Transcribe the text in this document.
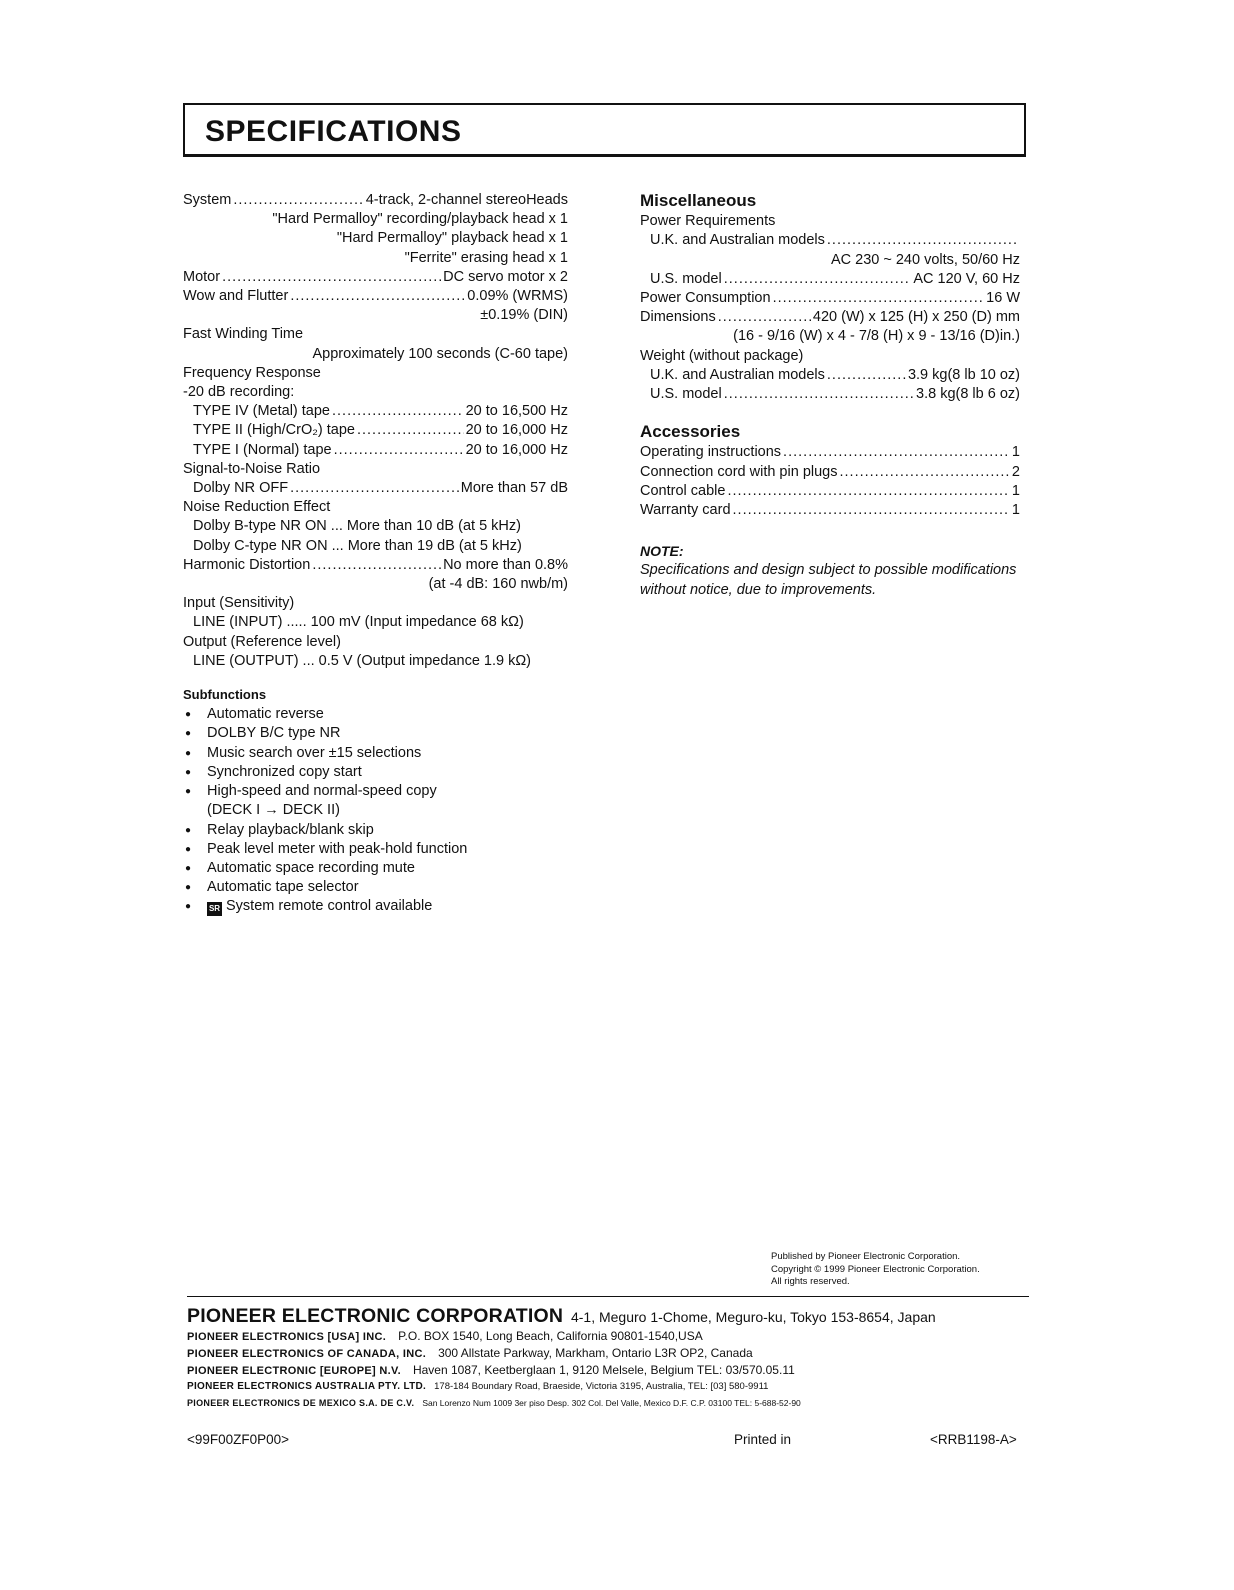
SPECIFICATIONS
System .....	4-track, 2-channel stereoHeads
"Hard Permalloy" recording/playback head x 1
"Hard Permalloy" playback head x 1
"Ferrite" erasing head x 1
Motor .....	DC servo motor x 2
Wow and Flutter .....	0.09% (WRMS)
±0.19% (DIN)
Fast Winding Time
Approximately 100 seconds (C-60 tape)
Frequency Response
-20 dB recording:
TYPE IV (Metal) tape .....	20 to 16,500 Hz
TYPE II (High/CrO₂) tape .....	20 to 16,000 Hz
TYPE I (Normal) tape .....	20 to 16,000 Hz
Signal-to-Noise Ratio
Dolby NR OFF .....	More than 57 dB
Noise Reduction Effect
Dolby B-type NR ON ... More than 10 dB (at 5 kHz)
Dolby C-type NR ON ... More than 19 dB (at 5 kHz)
Harmonic Distortion .....	No more than 0.8%
(at -4 dB: 160 nwb/m)
Input (Sensitivity)
LINE (INPUT) ..... 100 mV (Input impedance 68 kΩ)
Output (Reference level)
LINE (OUTPUT) ... 0.5 V (Output impedance 1.9 kΩ)
Subfunctions
● Automatic reverse
● DOLBY B/C type NR
● Music search over ±15 selections
● Synchronized copy start
● High-speed and normal-speed copy
(DECK I → DECK II)
● Relay playback/blank skip
● Peak level meter with peak-hold function
● Automatic space recording mute
● Automatic tape selector
● SR System remote control available
Miscellaneous
Power Requirements
U.K. and Australian models
.....
AC 230 ~ 240 volts, 50/60 Hz
U.S. model .....	AC 120 V, 60 Hz
Power Consumption .....	16 W
Dimensions .....	420 (W) x 125 (H) x 250 (D) mm
(16 - 9/16 (W) x 4 - 7/8 (H) x 9 - 13/16 (D)in.)
Weight (without package)
U.K. and Australian models .....	3.9 kg(8 lb 10 oz)
U.S. model .....	3.8 kg(8 lb 6 oz)
Accessories
Operating instructions .....	1
Connection cord with pin plugs .....	2
Control cable .....	1
Warranty card .....	1
NOTE:
Specifications and design subject to possible modifications without notice, due to improvements.
Published by Pioneer Electronic Corporation.
Copyright © 1999 Pioneer Electronic Corporation.
All rights reserved.
PIONEER ELECTRONIC CORPORATION 4-1, Meguro 1-Chome, Meguro-ku, Tokyo 153-8654, Japan
PIONEER ELECTRONICS [USA] INC. P.O. BOX 1540, Long Beach, California 90801-1540,USA
PIONEER ELECTRONICS OF CANADA, INC. 300 Allstate Parkway, Markham, Ontario L3R OP2, Canada
PIONEER ELECTRONIC [EUROPE] N.V. Haven 1087, Keetberglaan 1, 9120 Melsele, Belgium TEL: 03/570.05.11
PIONEER ELECTRONICS AUSTRALIA PTY. LTD. 178-184 Boundary Road, Braeside, Victoria 3195, Australia, TEL: [03] 580-9911
PIONEER ELECTRONICS DE MEXICO S.A. DE C.V. San Lorenzo Num 1009 3er piso Desp. 302 Col. Del Valle, Mexico D.F. C.P. 03100 TEL: 5-688-52-90
<99F00ZF0P00>	Printed in	<RRB1198-A>
